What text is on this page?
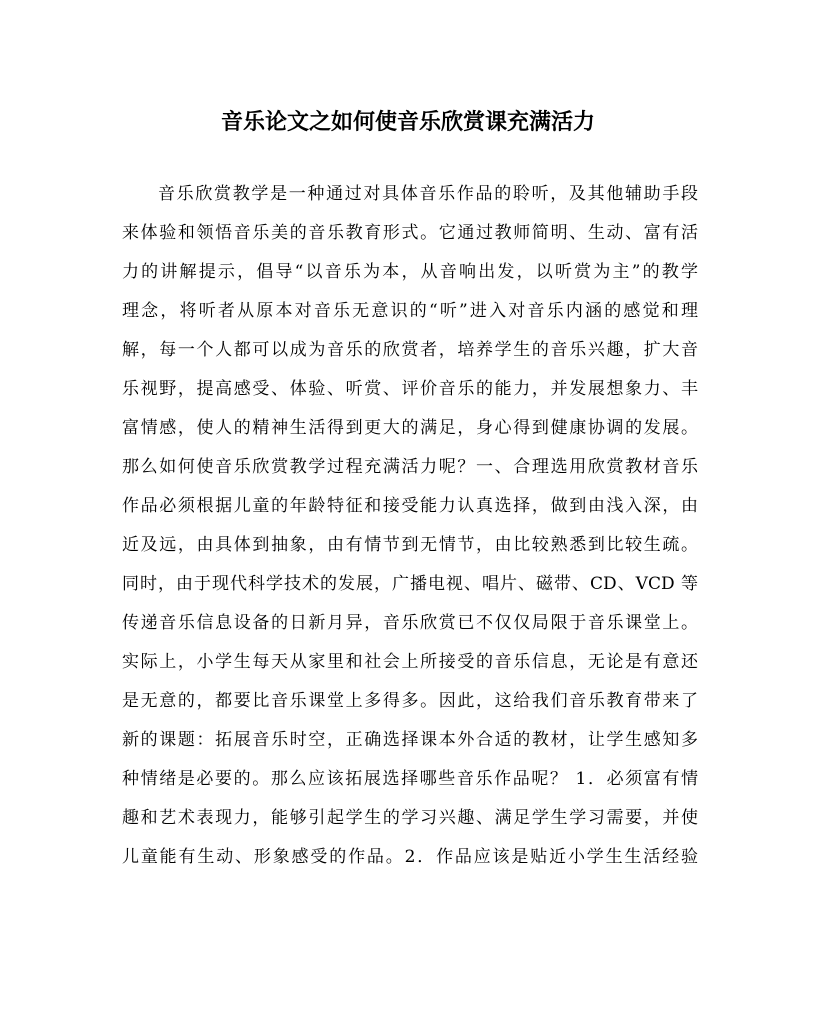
音乐论文之如何使音乐欣赏课充满活力
音乐欣赏教学是一种通过对具体音乐作品的聆听，及其他辅助手段
来体验和领悟音乐美的音乐教育形式。它通过教师简明、生动、富有活
力的讲解提示，倡导“以音乐为本，从音响出发，以听赏为主”的教学
理念，将听者从原本对音乐无意识的“听”进入对音乐内涵的感觉和理
解，每一个人都可以成为音乐的欣赏者，培养学生的音乐兴趣，扩大音
乐视野，提高感受、体验、听赏、评价音乐的能力，并发展想象力、丰
富情感，使人的精神生活得到更大的满足，身心得到健康协调的发展。
那么如何使音乐欣赏教学过程充满活力呢？一、合理选用欣赏教材音乐
作品必须根据儿童的年龄特征和接受能力认真选择，做到由浅入深，由
近及远，由具体到抽象，由有情节到无情节，由比较熟悉到比较生疏。
同时，由于现代科学技术的发展，广播电视、唱片、磁带、CD、VCD 等
传递音乐信息设备的日新月异，音乐欣赏已不仅仅局限于音乐课堂上。
实际上，小学生每天从家里和社会上所接受的音乐信息，无论是有意还
是无意的，都要比音乐课堂上多得多。因此，这给我们音乐教育带来了
新的课题：拓展音乐时空，正确选择课本外合适的教材，让学生感知多
种情绪是必要的。那么应该拓展选择哪些音乐作品呢？ 1．必须富有情
趣和艺术表现力，能够引起学生的学习兴趣、满足学生学习需要，并使
儿童能有生动、形象感受的作品。2．作品应该是贴近小学生生活经验
